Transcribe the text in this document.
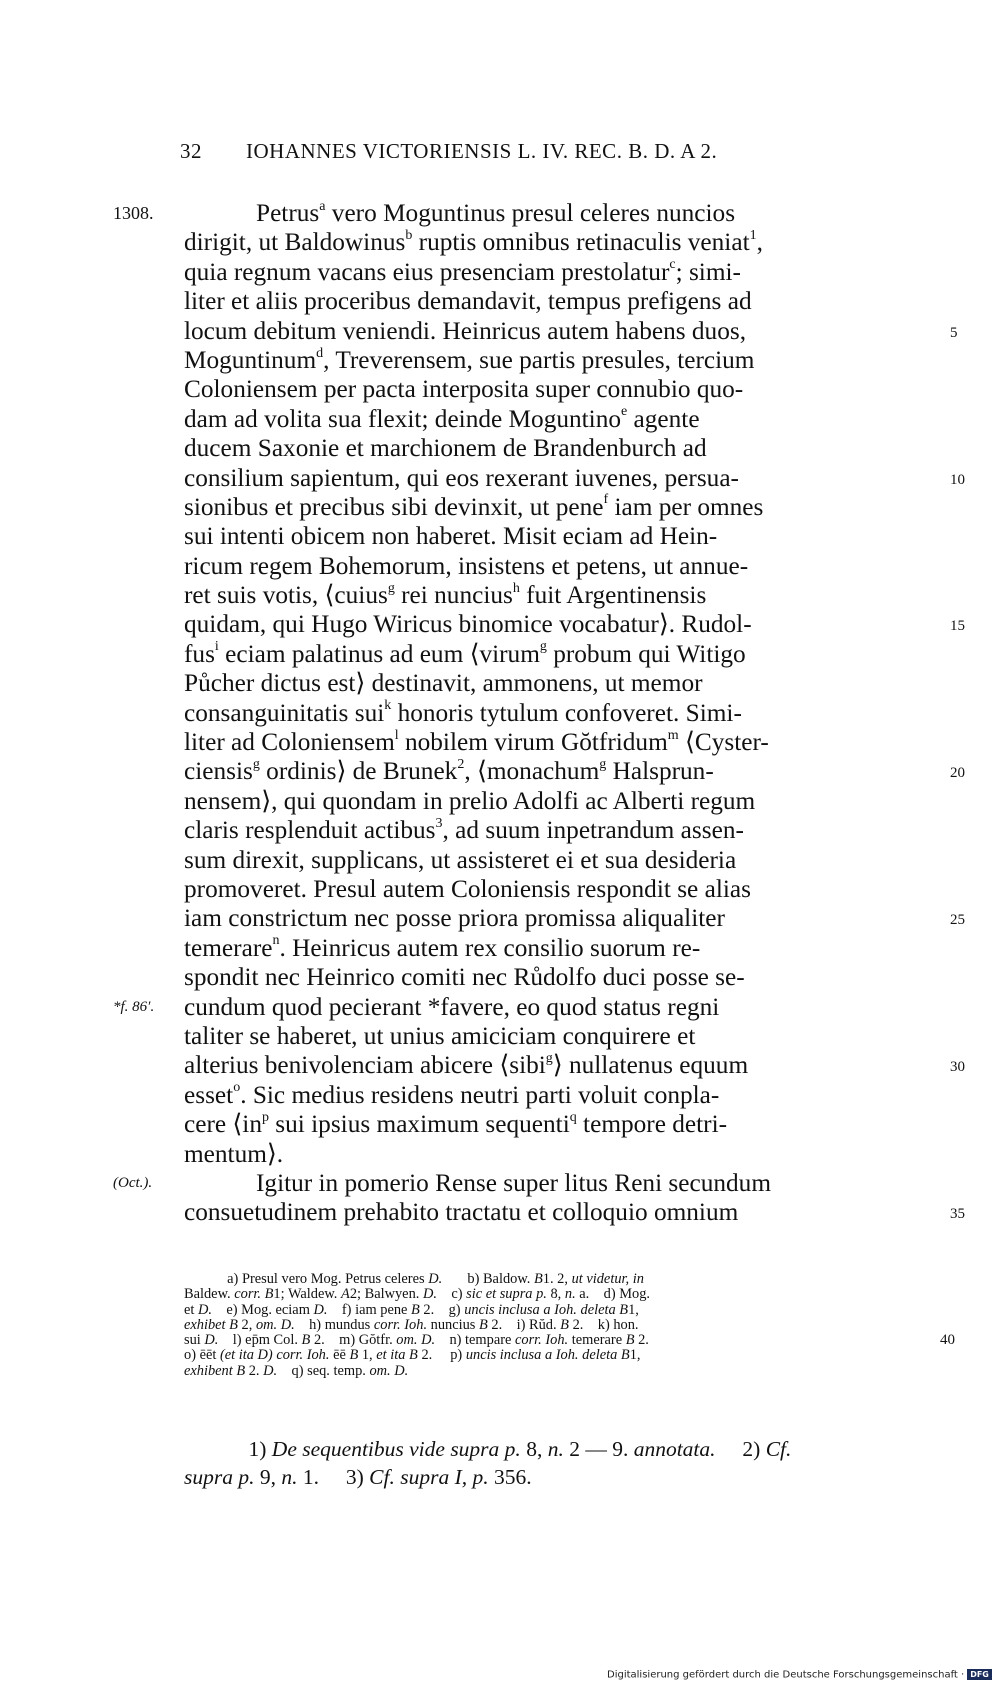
32 IOHANNES VICTORIENSIS L. IV. REC. B. D. A 2.
1308.	Petrus$^a$ vero Moguntinus presul celeres nuncios
dirigit, ut Baldowinus$^b$ ruptis omnibus retinaculis veniat$^1$,
quia regnum vacans eius presenciam prestolatur$^c$; simi-
liter et aliis proceribus demandavit, tempus prefigens ad
locum debitum veniendi. Heinricus autem habens duos,	5
Moguntinum$^d$, Treverensem, sue partis presules, tercium
Coloniensem per pacta interposita super connubio quo-
dam ad volita sua flexit; deinde Moguntino$^e$ agente
ducem Saxonie et marchionem de Brandenburch ad
consilium sapientum, qui eos rexerant iuvenes, persua-	10
sionibus et precibus sibi devinxit, ut pene$^f$ iam per omnes
sui intenti obicem non haberet. Misit eciam ad Hein-
ricum regem Bohemorum, insistens et petens, ut annue-
ret suis votis, ⟨cuius$^g$ rei nuncius$^h$ fuit Argentinensis
quidam, qui Hugo Wiricus binomice vocabatur⟩. Rudol-	15
fus$^i$ eciam palatinus ad eum ⟨virum$^g$ probum qui Witigo
Půcher dictus est⟩ destinavit, ammonens, ut memor
consanguinitatis sui$^k$ honoris tytulum confoveret. Simi-
liter ad Coloniensem$^l$ nobilem virum Gŏtfridum$^m$ ⟨Cyster-
ciensis$^g$ ordinis⟩ de Brunek$^2$, ⟨monachum$^g$ Halsprun-	20
nensem⟩, qui quondam in prelio Adolfi ac Alberti regum
claris resplenduit actibus$^3$, ad suum inpetrandum assen-
sum direxit, supplicans, ut assisteret ei et sua desideria
promoveret. Presul autem Coloniensis respondit se alias
iam constrictum nec posse priora promissa aliqualiter	25
temerare$^n$. Heinricus autem rex consilio suorum re-
spondit nec Heinrico comiti nec Růdolfo duci posse se-
*f. 86′.	cundum quod pecierant *favere, eo quod status regni
taliter se haberet, ut unius amiciciam conquirere et
alterius benivolenciam abicere ⟨sibi$^g$⟩ nullatenus equum	30
esset$^o$. Sic medius residens neutri parti voluit conpla-
cere $⟨in^p$ sui ipsius maximum sequenti$^q$ tempore detri-
mentum⟩.
(Oct.).	Igitur in pomerio Rense super litus Reni secundum
consuetudinem prehabito tractatu et colloquio omnium	35
a) Presul vero Mog. Petrus celeres D.       b) Baldow. B1. 2, ut videtur, in
Baldew. corr. B1; Waldew. A2; Balwyen. D.    c) sic et supra p. 8, n. a.    d) Mog.
et D.    e) Mog. eciam D.    f) iam pene B 2.    g) uncis inclusa a Ioh. deleta B1,
exhibet B 2, om. D.    h) mundus corr. Ioh. nuncius B 2.    i) Rŭd. B 2.    k) hon.
sui D.    l) ep̄m Col. B 2.    m) Gŏtfr. om. D.    n) tempare corr. Ioh. temerare B 2.	40
o) ēēt (et ita D) corr. Ioh. ēē B 1, et ita B 2.     p) uncis inclusa a Ioh. deleta B1,
exhibent B 2. D.    q) seq. temp. om. D.
1) De sequentibus vide supra p. 8, n. 2 — 9. annotata.     2) Cf.
supra p. 9, n. 1.     3) Cf. supra I, p. 356.
Digitalisierung gefördert durch die Deutsche Forschungsgemeinschaft · DFG
